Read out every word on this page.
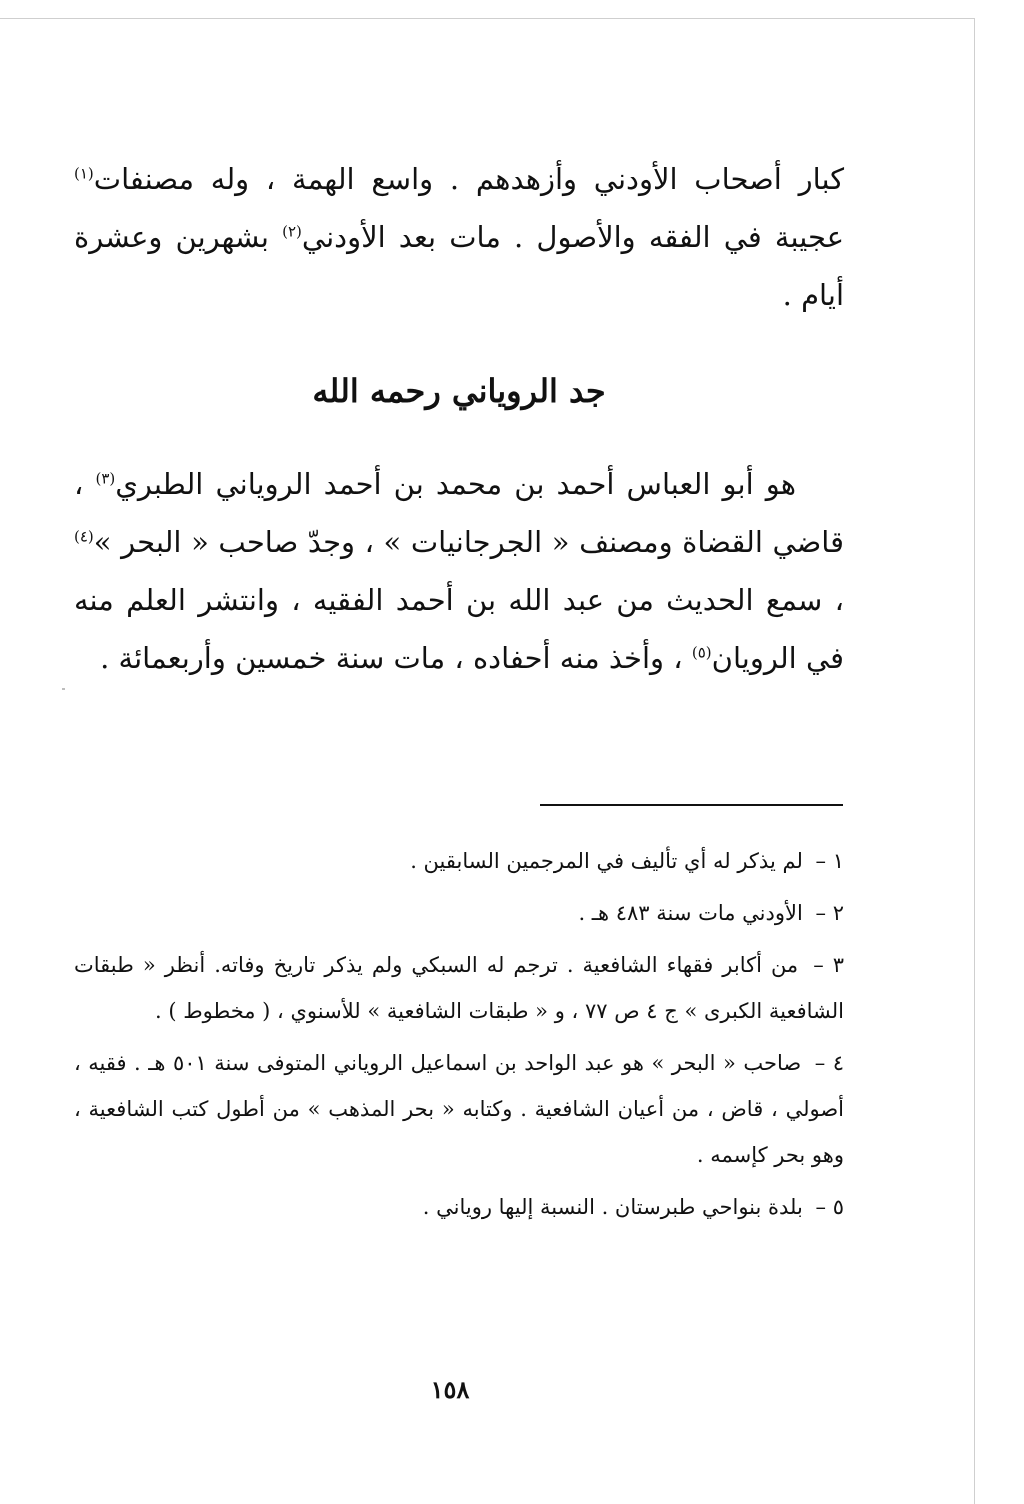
كبار أصحاب الأودني وأزهدهم . واسع الهمة ، وله مصنفات$^{(١)}$ عجيبة في الفقه والأصول . مات بعد الأودني$^{(٢)}$ بشهرين وعشرة أيام .

جد الروياني رحمه الله

هو أبو العباس أحمد بن محمد بن أحمد الروياني الطبري$^{(٣)}$ ، قاضي القضاة ومصنف « الجرجانيات » ، وجدّ صاحب « البحر »$^{(٤)}$ ، سمع الحديث من عبد الله بن أحمد الفقيه ، وانتشر العلم منه في الرويان$^{(٥)}$ ، وأخذ منه أحفاده ، مات سنة خمسين وأربعمائة .

١ – لم يذكر له أي تأليف في المرجمين السابقين .

٢ – الأودني مات سنة ٤٨٣ هـ .

٣ – من أكابر فقهاء الشافعية . ترجم له السبكي ولم يذكر تاريخ وفاته. أنظر « طبقات الشافعية الكبرى » ج ٤ ص ٧٧ ، و « طبقات الشافعية » للأسنوي ، ( مخطوط ) .

٤ – صاحب « البحر » هو عبد الواحد بن اسماعيل الروياني المتوفى سنة ٥٠١ هـ . فقيه ، أصولي ، قاض ، من أعيان الشافعية . وكتابه « بحر المذهب » من أطول كتب الشافعية ، وهو بحر كإسمه .

٥ – بلدة بنواحي طبرستان . النسبة إليها روياني .

١٥٨
